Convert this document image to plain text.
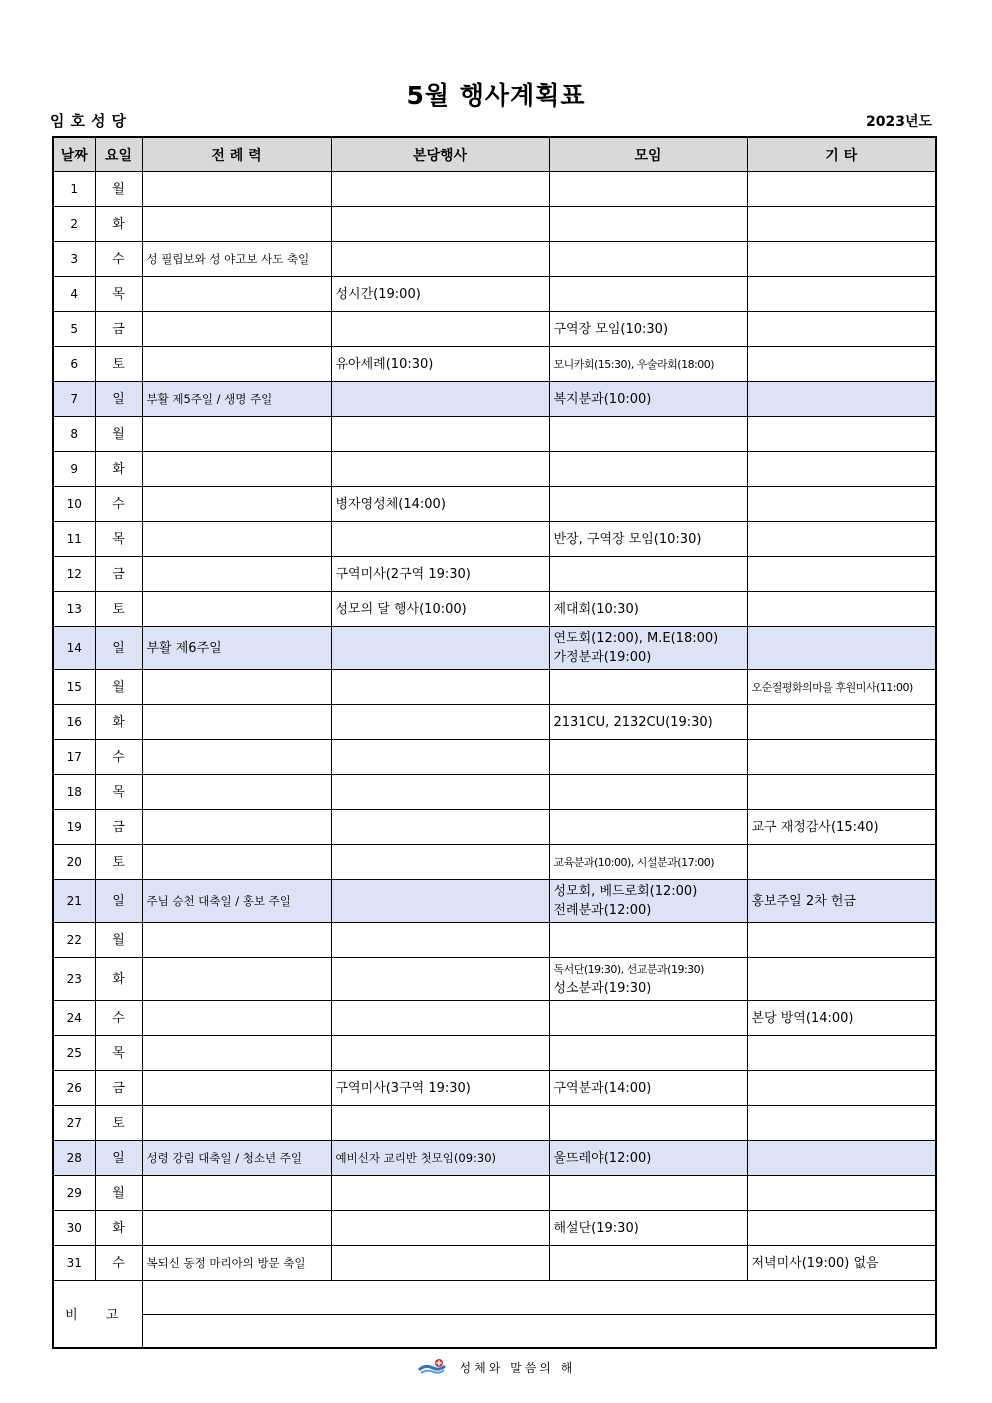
5월 행사계획표
임호성당	2023년도
날짜	요일	전 례 력	본당행사	모임	기 타

1	월				

2	화				

3	수	성 필립보와 성 야고보 사도 축일			

4	목		성시간(19:00)		

5	금			구역장 모임(10:30)	

6	토		유아세례(10:30)	모니카회(15:30), 우술라회(18:00)	

7	일	부활 제5주일 / 생명 주일		복지분과(10:00)	

8	월				

9	화				

10	수		병자영성체(14:00)		

11	목			반장, 구역장 모임(10:30)	

12	금		구역미사(2구역 19:30)		

13	토		성모의 달 행사(10:00)	제대회(10:30)	

14	일	부활 제6주일		연도회(12:00), M.E(18:00)
가정분과(19:00)	

15	월				오순절평화의마을 후원미사(11:00)

16	화			2131CU, 2132CU(19:30)	

17	수				

18	목				

19	금				교구 재정감사(15:40)

20	토			교육분과(10:00), 시설분과(17:00)	

21	일	주님 승천 대축일 / 홍보 주일		성모회, 베드로회(12:00)
전례분과(12:00)	홍보주일 2차 헌금

22	월				

23	화			독서단(19:30), 선교분과(19:30)
성소분과(19:30)	

24	수				본당 방역(14:00)

25	목				

26	금		구역미사(3구역 19:30)	구역분과(14:00)	

27	토				

28	일	성령 강림 대축일 / 청소년 주일	예비신자 교리반 첫모임(09:30)	울뜨레야(12:00)	

29	월				

30	화			해설단(19:30)	

31	수	복되신 동정 마리아의 방문 축일			저녁미사(19:00) 없음

비 고					

성체와 말씀의 해
